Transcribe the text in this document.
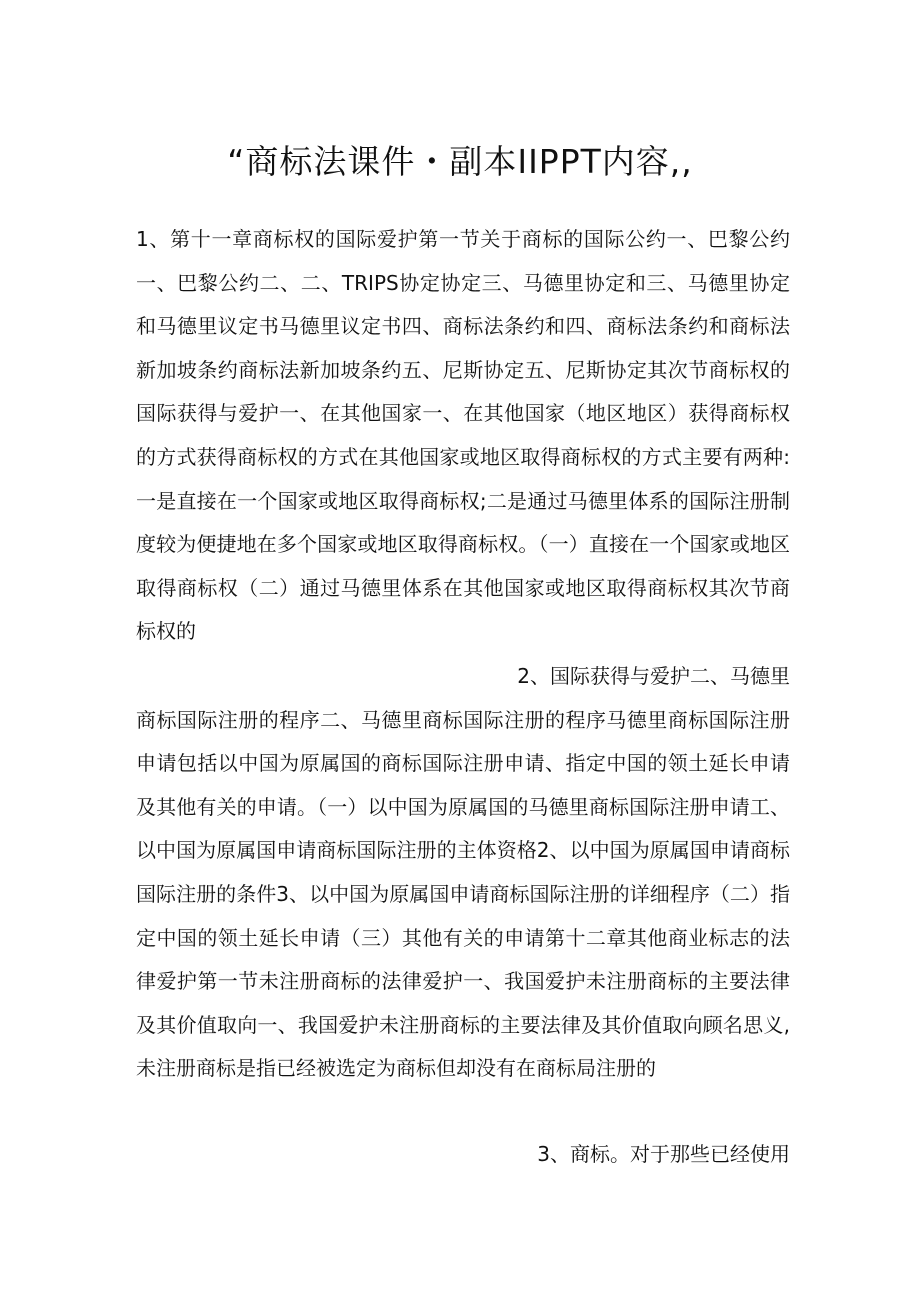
“商标法课件・副本IIPPT内容,,

1、第十一章商标权的国际爱护第一节关于商标的国际公约一、巴黎公约一、巴黎公约二、二、TRIPS协定协定三、马德里协定和三、马德里协定和马德里议定书马德里议定书四、商标法条约和四、商标法条约和商标法新加坡条约商标法新加坡条约五、尼斯协定五、尼斯协定其次节商标权的国际获得与爱护一、在其他国家一、在其他国家（地区地区）获得商标权的方式获得商标权的方式在其他国家或地区取得商标权的方式主要有两种:一是直接在一个国家或地区取得商标权;二是通过马德里体系的国际注册制度较为便捷地在多个国家或地区取得商标权。（一）直接在一个国家或地区取得商标权（二）通过马德里体系在其他国家或地区取得商标权其次节商标权的

2、国际获得与爱护二、马德里
商标国际注册的程序二、马德里商标国际注册的程序马德里商标国际注册申请包括以中国为原属国的商标国际注册申请、指定中国的领土延长申请及其他有关的申请。（一）以中国为原属国的马德里商标国际注册申请工、以中国为原属国申请商标国际注册的主体资格2、以中国为原属国申请商标国际注册的条件3、以中国为原属国申请商标国际注册的详细程序（二）指定中国的领土延长申请（三）其他有关的申请第十二章其他商业标志的法律爱护第一节未注册商标的法律爱护一、我国爱护未注册商标的主要法律及其价值取向一、我国爱护未注册商标的主要法律及其价值取向顾名思义,未注册商标是指已经被选定为商标但却没有在商标局注册的
3、商标。对于那些已经使用
